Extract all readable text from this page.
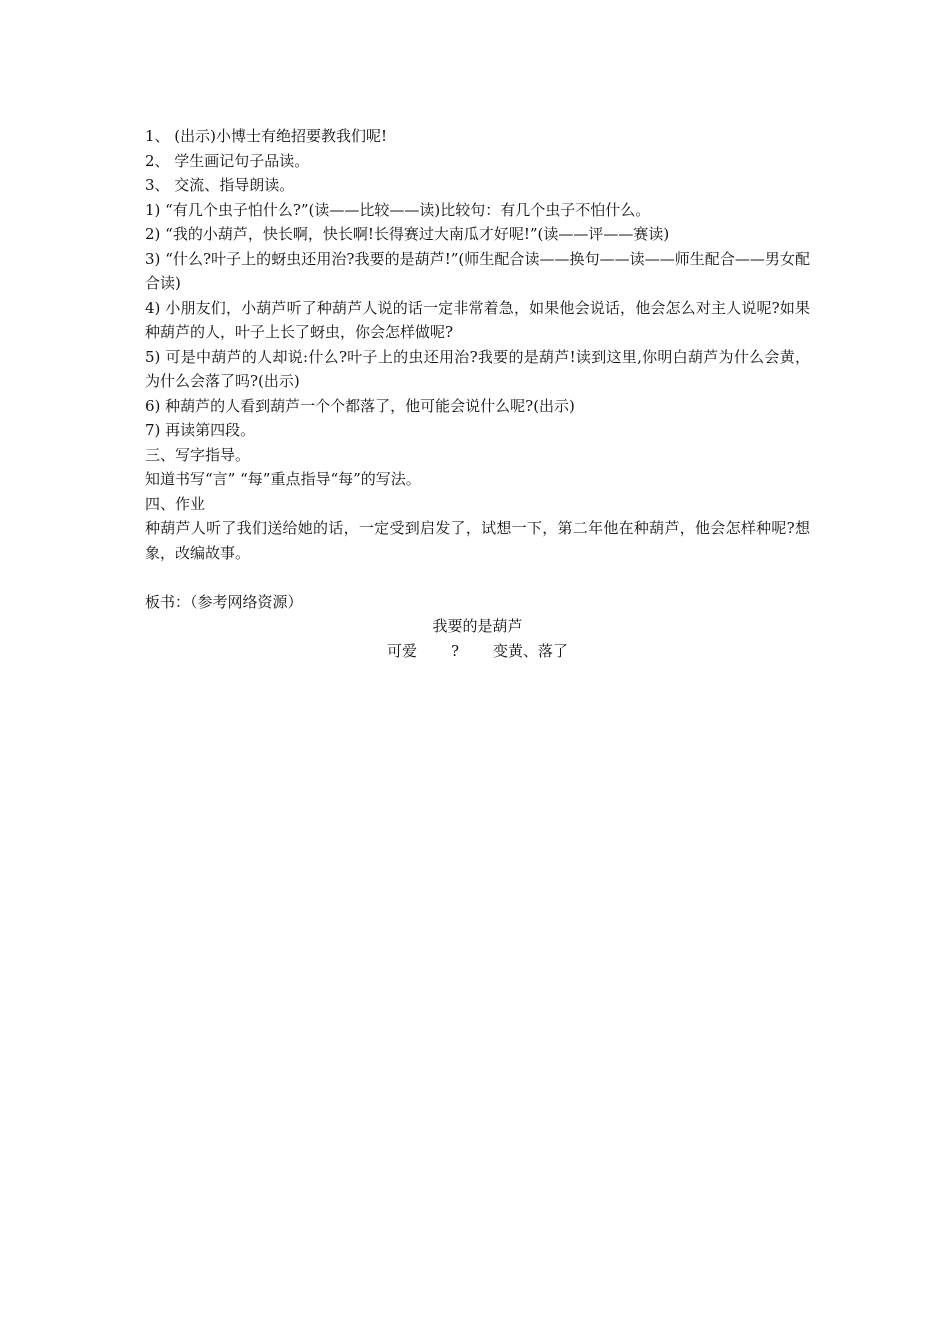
1、 (出示)小博士有绝招要教我们呢!
2、 学生画记句子品读。
3、 交流、指导朗读。
1) “有几个虫子怕什么?”(读——比较——读)比较句：有几个虫子不怕什么。
2) “我的小葫芦，快长啊，快长啊!长得赛过大南瓜才好呢!”(读——评——赛读)
3) “什么?叶子上的蚜虫还用治?我要的是葫芦!”(师生配合读——换句——读——师生配合——男女配合读)
4) 小朋友们，小葫芦听了种葫芦人说的话一定非常着急，如果他会说话，他会怎么对主人说呢?如果种葫芦的人，叶子上长了蚜虫，你会怎样做呢?
5) 可是中葫芦的人却说:什么?叶子上的虫还用治?我要的是葫芦!读到这里,你明白葫芦为什么会黄，为什么会落了吗?(出示)
6) 种葫芦的人看到葫芦一个个都落了，他可能会说什么呢?(出示)
7) 再读第四段。
三、写字指导。
知道书写“言” “每”重点指导“每”的写法。
四、作业
种葫芦人听了我们送给她的话，一定受到启发了，试想一下，第二年他在种葫芦，他会怎样种呢?想象，改编故事。
板书：（参考网络资源）
我要的是葫芦
可爱 ? 变黄、落了
